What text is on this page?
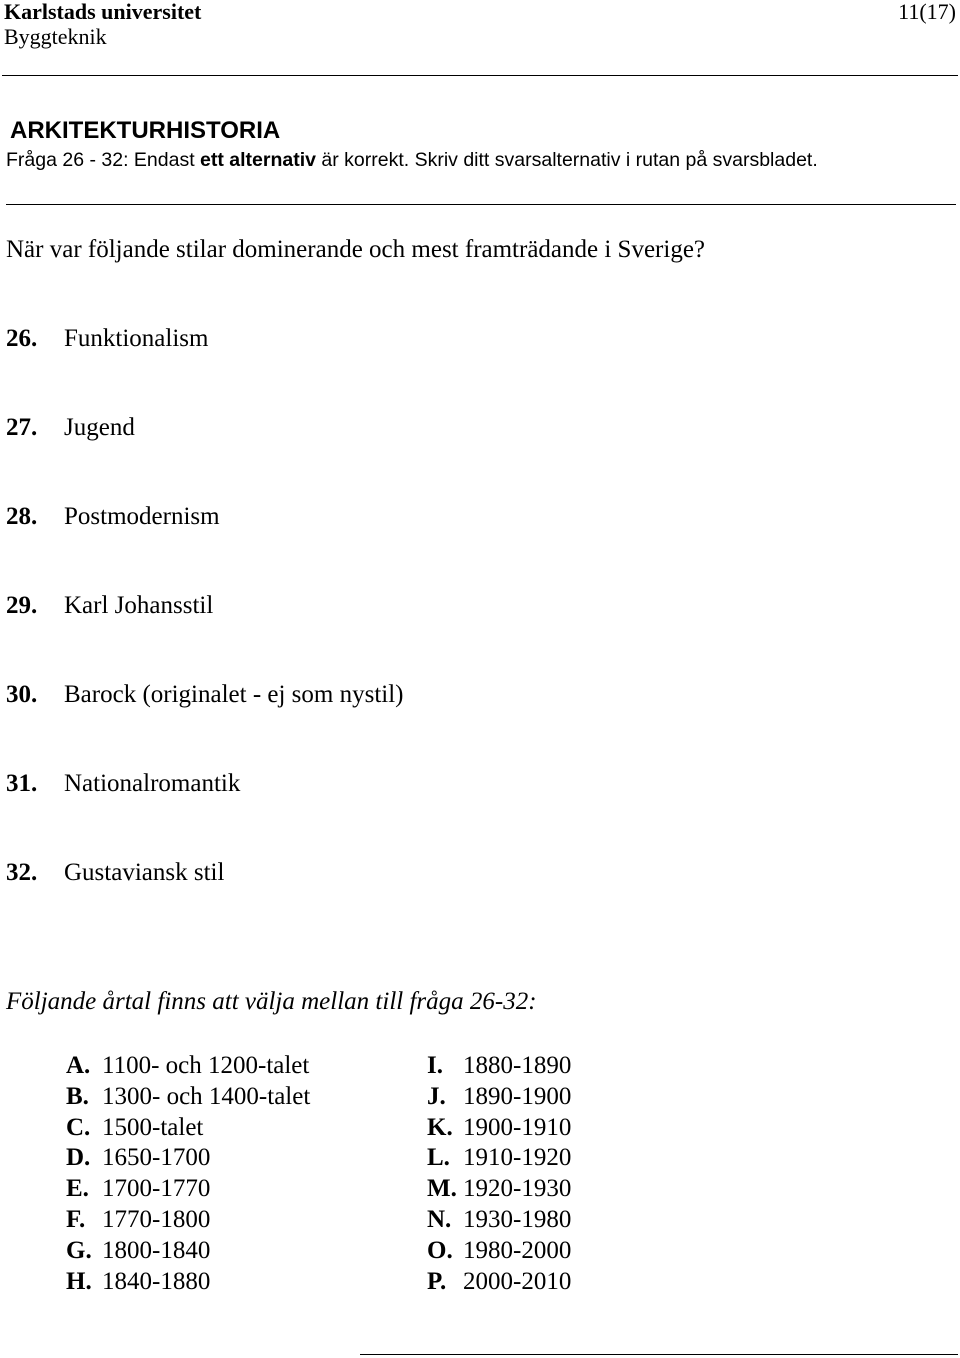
Karlstads universitet
Byggteknik
11(17)
ARKITEKTURHISTORIA
Fråga 26 - 32: Endast ett alternativ är korrekt. Skriv ditt svarsalternativ i rutan på svarsbladet.
När var följande stilar dominerande och mest framträdande i Sverige?
26. Funktionalism
27. Jugend
28. Postmodernism
29. Karl Johansstil
30. Barock (originalet - ej som nystil)
31. Nationalromantik
32. Gustaviansk stil
Följande årtal finns att välja mellan till fråga 26-32:
A. 1100- och 1200-talet
B. 1300- och 1400-talet
C. 1500-talet
D. 1650-1700
E. 1700-1770
F. 1770-1800
G. 1800-1840
H. 1840-1880
I. 1880-1890
J. 1890-1900
K. 1900-1910
L. 1910-1920
M. 1920-1930
N. 1930-1980
O. 1980-2000
P. 2000-2010
